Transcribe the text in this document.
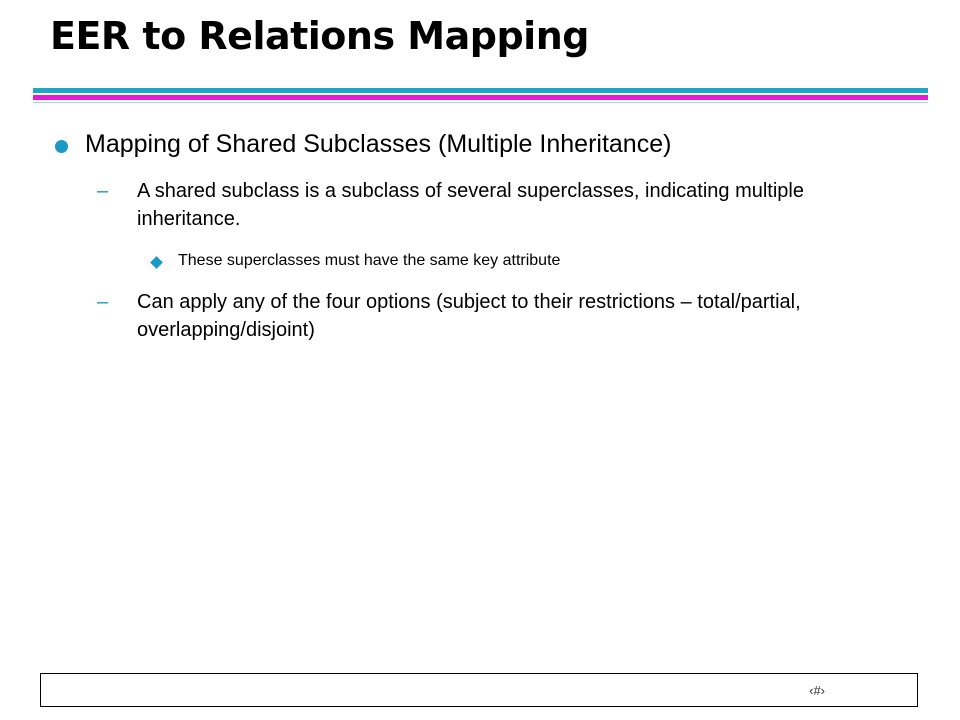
EER to Relations Mapping
Mapping of Shared Subclasses (Multiple Inheritance)
– A shared subclass is a subclass of several superclasses, indicating multiple inheritance.
These superclasses must have the same key attribute
– Can apply any of the four options (subject to their restrictions – total/partial, overlapping/disjoint)
‹#›
